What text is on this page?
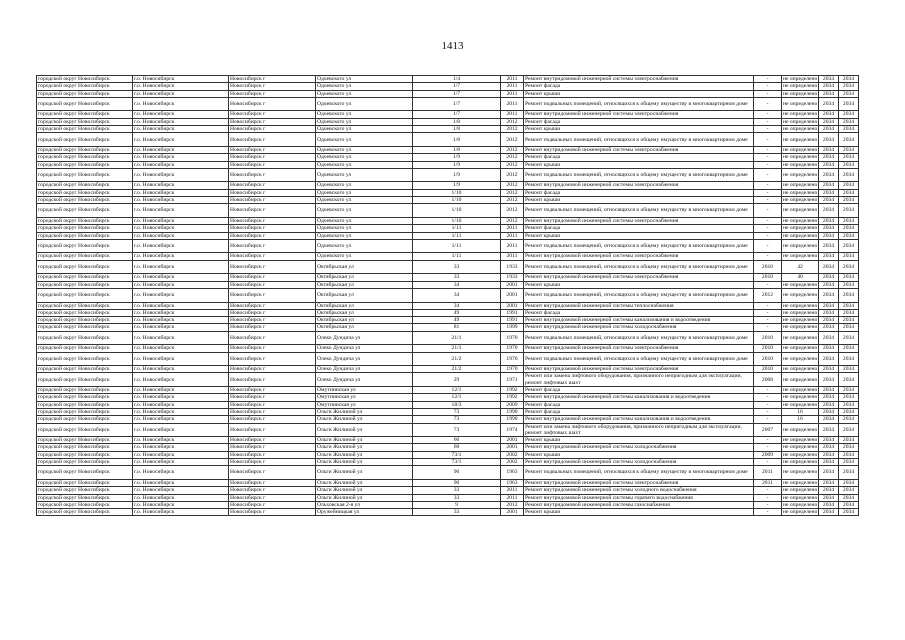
1413
городской округ Новосибирск	г.о. Новосибирск	Новосибирск г	Одоевского ул	1/4	2011	Ремонт внутридомовой инженерной системы электроснабжения	-	не определено	2034	2034
городской округ Новосибирск	г.о. Новосибирск	Новосибирск г	Одоевского ул	1/7	2011	Ремонт фасада	-	не определено	2034	2034
городской округ Новосибирск	г.о. Новосибирск	Новосибирск г	Одоевского ул	1/7	2011	Ремонт крыши	-	не определено	2034	2034
городской округ Новосибирск	г.о. Новосибирск	Новосибирск г	Одоевского ул	1/7	2011	Ремонт подвальных помещений, относящихся к общему имуществу в многоквартирном доме	-	не определено	2034	2034
городской округ Новосибирск	г.о. Новосибирск	Новосибирск г	Одоевского ул	1/7	2011	Ремонт внутридомовой инженерной системы электроснабжения	-	не определено	2034	2034
городской округ Новосибирск	г.о. Новосибирск	Новосибирск г	Одоевского ул	1/8	2012	Ремонт фасада	-	не определено	2034	2034
городской округ Новосибирск	г.о. Новосибирск	Новосибирск г	Одоевского ул	1/8	2012	Ремонт крыши	-	не определено	2034	2034
городской округ Новосибирск	г.о. Новосибирск	Новосибирск г	Одоевского ул	1/8	2012	Ремонт подвальных помещений, относящихся к общему имуществу в многоквартирном доме	-	не определено	2034	2034
городской округ Новосибирск	г.о. Новосибирск	Новосибирск г	Одоевского ул	1/8	2012	Ремонт внутридомовой инженерной системы электроснабжения	-	не определено	2034	2034
городской округ Новосибирск	г.о. Новосибирск	Новосибирск г	Одоевского ул	1/9	2012	Ремонт фасада	-	не определено	2034	2034
городской округ Новосибирск	г.о. Новосибирск	Новосибирск г	Одоевского ул	1/9	2012	Ремонт крыши	-	не определено	2034	2034
городской округ Новосибирск	г.о. Новосибирск	Новосибирск г	Одоевского ул	1/9	2012	Ремонт подвальных помещений, относящихся к общему имуществу в многоквартирном доме	-	не определено	2034	2034
городской округ Новосибирск	г.о. Новосибирск	Новосибирск г	Одоевского ул	1/9	2012	Ремонт внутридомовой инженерной системы электроснабжения	-	не определено	2034	2034
городской округ Новосибирск	г.о. Новосибирск	Новосибирск г	Одоевского ул	1/10	2012	Ремонт фасада	-	не определено	2034	2034
городской округ Новосибирск	г.о. Новосибирск	Новосибирск г	Одоевского ул	1/10	2012	Ремонт крыши	-	не определено	2034	2034
городской округ Новосибирск	г.о. Новосибирск	Новосибирск г	Одоевского ул	1/10	2012	Ремонт подвальных помещений, относящихся к общему имуществу в многоквартирном доме	-	не определено	2034	2034
городской округ Новосибирск	г.о. Новосибирск	Новосибирск г	Одоевского ул	1/10	2012	Ремонт внутридомовой инженерной системы электроснабжения	-	не определено	2034	2034
городской округ Новосибирск	г.о. Новосибирск	Новосибирск г	Одоевского ул	1/11	2011	Ремонт фасада	-	не определено	2034	2034
городской округ Новосибирск	г.о. Новосибирск	Новосибирск г	Одоевского ул	1/11	2011	Ремонт крыши	-	не определено	2034	2034
городской округ Новосибирск	г.о. Новосибирск	Новосибирск г	Одоевского ул	1/11	2011	Ремонт подвальных помещений, относящихся к общему имуществу в многоквартирном доме	-	не определено	2034	2034
городской округ Новосибирск	г.о. Новосибирск	Новосибирск г	Одоевского ул	1/11	2011	Ремонт внутридомовой инженерной системы электроснабжения	-	не определено	2034	2034
городской округ Новосибирск	г.о. Новосибирск	Новосибирск г	Октябрьская ул	33	1933	Ремонт подвальных помещений, относящихся к общему имуществу в многоквартирном доме	2010	42	2034	2034
городской округ Новосибирск	г.о. Новосибирск	Новосибирск г	Октябрьская ул	33	1933	Ремонт внутридомовой инженерной системы электроснабжения	2010	40	2034	2034
городской округ Новосибирск	г.о. Новосибирск	Новосибирск г	Октябрьская ул	34	2001	Ремонт крыши	-	не определено	2034	2034
городской округ Новосибирск	г.о. Новосибирск	Новосибирск г	Октябрьская ул	34	2001	Ремонт подвальных помещений, относящихся к общему имуществу в многоквартирном доме	2012	не определено	2034	2034
городской округ Новосибирск	г.о. Новосибирск	Новосибирск г	Октябрьская ул	34	2001	Ремонт внутридомовой инженерной системы теплоснабжения	-	не определено	2034	2034
городской округ Новосибирск	г.о. Новосибирск	Новосибирск г	Октябрьская ул	49	1991	Ремонт фасада	-	не определено	2034	2034
городской округ Новосибирск	г.о. Новосибирск	Новосибирск г	Октябрьская ул	49	1991	Ремонт внутридомовой инженерной системы канализования и водоотведения	-	не определено	2034	2034
городской округ Новосибирск	г.о. Новосибирск	Новосибирск г	Октябрьская ул	81	1999	Ремонт внутридомовой инженерной системы холодоснабжения	-	не определено	2034	2034
городской округ Новосибирск	г.о. Новосибирск	Новосибирск г	Олеко Дундича ул	21/1	1970	Ремонт подвальных помещений, относящихся к общему имуществу в многоквартирном доме	2010	не определено	2034	2034
городской округ Новосибирск	г.о. Новосибирск	Новосибирск г	Олеко Дундича ул	21/1	1970	Ремонт внутридомовой инженерной системы электроснабжения	2010	не определено	2034	2034
городской округ Новосибирск	г.о. Новосибирск	Новосибирск г	Олеко Дундича ул	21/2	1970	Ремонт подвальных помещений, относящихся к общему имуществу в многоквартирном доме	2010	не определено	2034	2034
городской округ Новосибирск	г.о. Новосибирск	Новосибирск г	Олеко Дундича ул	21/2	1970	Ремонт внутридомовой инженерной системы электроснабжения	2010	не определено	2034	2034
городской округ Новосибирск	г.о. Новосибирск	Новосибирск г	Олеко Дундича ул	29	1971	Ремонт или замена лифтового оборудования, признанного непригодным для эксплуатации, ремонт лифтовых шахт	2008	не определено	2034	2034
городской округ Новосибирск	г.о. Новосибирск	Новосибирск г	Омутнинская ул	12/1	1992	Ремонт фасада	-	не определено	2034	2034
городской округ Новосибирск	г.о. Новосибирск	Новосибирск г	Омутнинская ул	12/1	1992	Ремонт внутридомовой инженерной системы канализования и водоотведения	-	не определено	2034	2034
городской округ Новосибирск	г.о. Новосибирск	Новосибирск г	Омутнинская ул	18/3	2009	Ремонт фасада	-	не определено	2034	2034
городской округ Новосибирск	г.о. Новосибирск	Новосибирск г	Ольги Жилиной ул	73	1990	Ремонт фасада	-	16	2034	2034
городской округ Новосибирск	г.о. Новосибирск	Новосибирск г	Ольги Жилиной ул	73	1990	Ремонт внутридомовой инженерной системы канализования и водоотведения	-	16	2034	2034
городской округ Новосибирск	г.о. Новосибирск	Новосибирск г	Ольги Жилиной ул	73	1974	Ремонт или замена лифтового оборудования, признанного непригодным для эксплуатации, ремонт лифтовых шахт	2007	не определено	2034	2034
городской округ Новосибирск	г.о. Новосибирск	Новосибирск г	Ольги Жилиной ул	60	2001	Ремонт крыши	-	не определено	2034	2034
городской округ Новосибирск	г.о. Новосибирск	Новосибирск г	Ольги Жилиной ул	60	2001	Ремонт внутридомовой инженерной системы холодоснабжения	-	не определено	2034	2034
городской округ Новосибирск	г.о. Новосибирск	Новосибирск г	Ольги Жилиной ул	73/1	2002	Ремонт крыши	2009	не определено	2034	2034
городской округ Новосибирск	г.о. Новосибирск	Новосибирск г	Ольги Жилиной ул	73/1	2002	Ремонт внутридомовой инженерной системы холодоснабжения	-	не определено	2034	2034
городской округ Новосибирск	г.о. Новосибирск	Новосибирск г	Ольги Жилиной ул	90	1963	Ремонт подвальных помещений, относящихся к общему имуществу в многоквартирном доме	2011	не определено	2034	2034
городской округ Новосибирск	г.о. Новосибирск	Новосибирск г	Ольги Жилиной ул	90	1963	Ремонт внутридомовой инженерной системы электроснабжения	2011	не определено	2034	2034
городской округ Новосибирск	г.о. Новосибирск	Новосибирск г	Ольги Жилиной ул	33	2011	Ремонт внутридомовой инженерной системы холодного водоснабжения	-	не определено	2034	2034
городской округ Новосибирск	г.о. Новосибирск	Новосибирск г	Ольги Жилиной ул	33	2011	Ремонт внутридомовой инженерной системы горячего водоснабжения	-	не определено	2034	2034
городской округ Новосибирск	г.о. Новосибирск	Новосибирск г	Ольховская 2-я ул	9	2012	Ремонт внутридомовой инженерной системы газоснабжения	-	не определено	2034	2034
городской округ Новосибирск	г.о. Новосибирск	Новосибирск г	Оружейницкая ул	33	2001	Ремонт крыши	-	не определено	2034	2034
